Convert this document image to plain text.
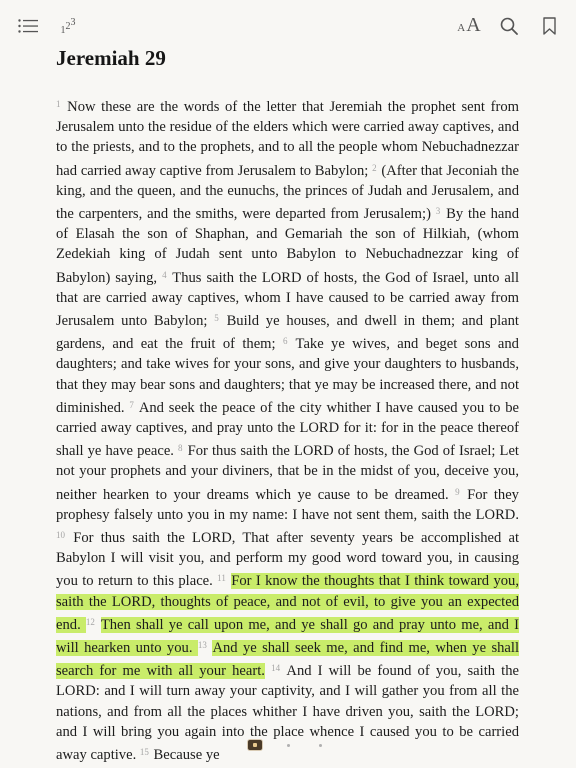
1 2 3	A A
Jeremiah 29

$^1$ Now these are the words of the letter that Jeremiah the prophet sent from Jerusalem unto the residue of the elders which were carried away captives, and to the priests, and to the prophets, and to all the people whom Nebuchadnezzar had carried away captive from Jerusalem to Babylon; $^2$ (After that Jeconiah the king, and the queen, and the eunuchs, the princes of Judah and Jerusalem, and the carpenters, and the smiths, were departed from Jerusalem;) $^3$ By the hand of Elasah the son of Shaphan, and Gemariah the son of Hilkiah, (whom Zedekiah king of Judah sent unto Babylon to Nebuchadnezzar king of Babylon) saying, $^4$ Thus saith the LORD of hosts, the God of Israel, unto all that are carried away captives, whom I have caused to be carried away from Jerusalem unto Babylon; $^5$ Build ye houses, and dwell in them; and plant gardens, and eat the fruit of them; $^6$ Take ye wives, and beget sons and daughters; and take wives for your sons, and give your daughters to husbands, that they may bear sons and daughters; that ye may be increased there, and not diminished. $^7$ And seek the peace of the city whither I have caused you to be carried away captives, and pray unto the LORD for it: for in the peace thereof shall ye have peace. $^8$ For thus saith the LORD of hosts, the God of Israel; Let not your prophets and your diviners, that be in the midst of you, deceive you, neither hearken to your dreams which ye cause to be dreamed. $^9$ For they prophesy falsely unto you in my name: I have not sent them, saith the LORD. $^{10}$ For thus saith the LORD, That after seventy years be accomplished at Babylon I will visit you, and perform my good word toward you, in causing you to return to this place. $^{11}$ For I know the thoughts that I think toward you, saith the LORD, thoughts of peace, and not of evil, to give you an expected end. $^{12}$ Then shall ye call upon me, and ye shall go and pray unto me, and I will hearken unto you. $^{13}$ And ye shall seek me, and find me, when ye shall search for me with all your heart. $^{14}$ And I will be found of you, saith the LORD: and I will turn away your captivity, and I will gather you from all the nations, and from all the places whither I have driven you, saith the LORD; and I will bring you again into the place whence I caused you to be carried away captive. $^{15}$ Because ye
